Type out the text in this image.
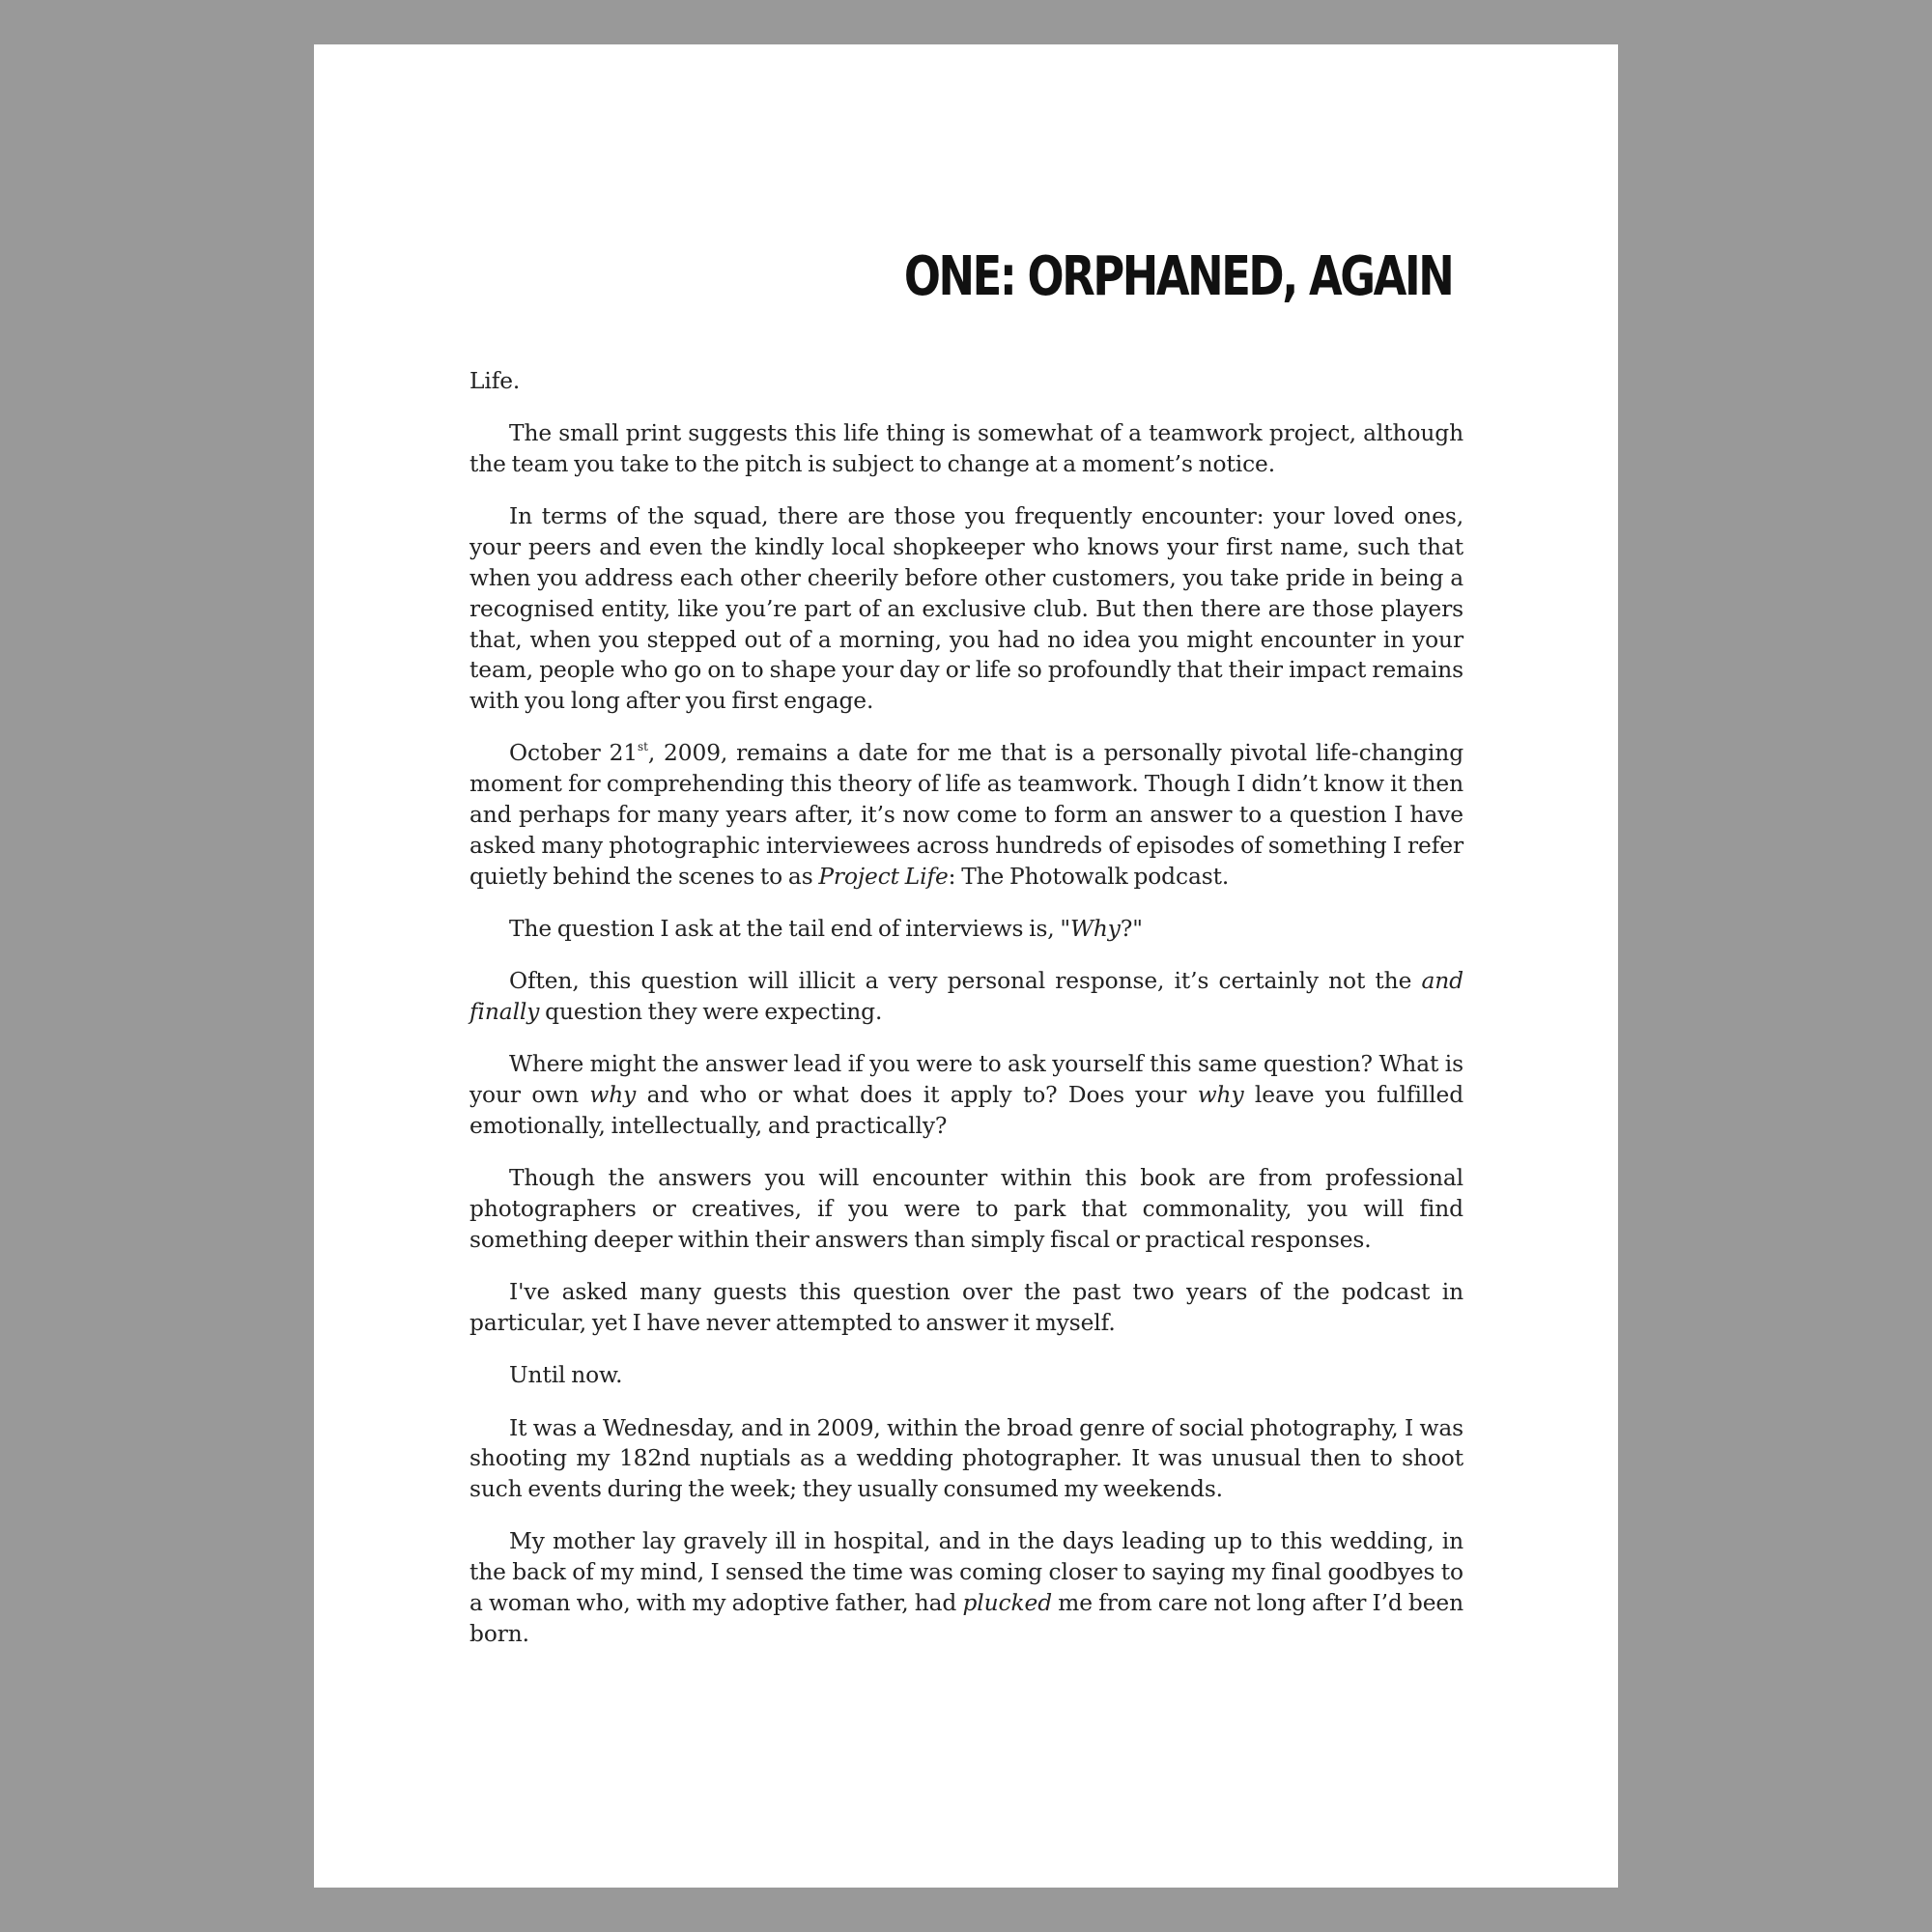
ONE: ORPHANED, AGAIN

Life.

The small print suggests this life thing is somewhat of a teamwork project, although the team you take to the pitch is subject to change at a moment’s notice.

In terms of the squad, there are those you frequently encounter: your loved ones, your peers and even the kindly local shopkeeper who knows your first name, such that when you address each other cheerily before other customers, you take pride in being a recognised entity, like you’re part of an exclusive club. But then there are those players that, when you stepped out of a morning, you had no idea you might encounter in your team, people who go on to shape your day or life so profoundly that their impact remains with you long after you first engage.

October 21st, 2009, remains a date for me that is a personally pivotal life-changing moment for comprehending this theory of life as teamwork. Though I didn’t know it then and perhaps for many years after, it’s now come to form an answer to a question I have asked many photographic interviewees across hundreds of episodes of something I refer quietly behind the scenes to as Project Life: The Photowalk podcast.

The question I ask at the tail end of interviews is, "Why?"

Often, this question will illicit a very personal response, it’s certainly not the and finally question they were expecting.

Where might the answer lead if you were to ask yourself this same question? What is your own why and who or what does it apply to? Does your why leave you fulfilled emotionally, intellectually, and practically?

Though the answers you will encounter within this book are from professional photographers or creatives, if you were to park that commonality, you will find something deeper within their answers than simply fiscal or practical responses.

I've asked many guests this question over the past two years of the podcast in particular, yet I have never attempted to answer it myself.

Until now.

It was a Wednesday, and in 2009, within the broad genre of social photography, I was shooting my 182nd nuptials as a wedding photographer. It was unusual then to shoot such events during the week; they usually consumed my weekends.

My mother lay gravely ill in hospital, and in the days leading up to this wedding, in the back of my mind, I sensed the time was coming closer to saying my final goodbyes to a woman who, with my adoptive father, had plucked me from care not long after I’d been born.
